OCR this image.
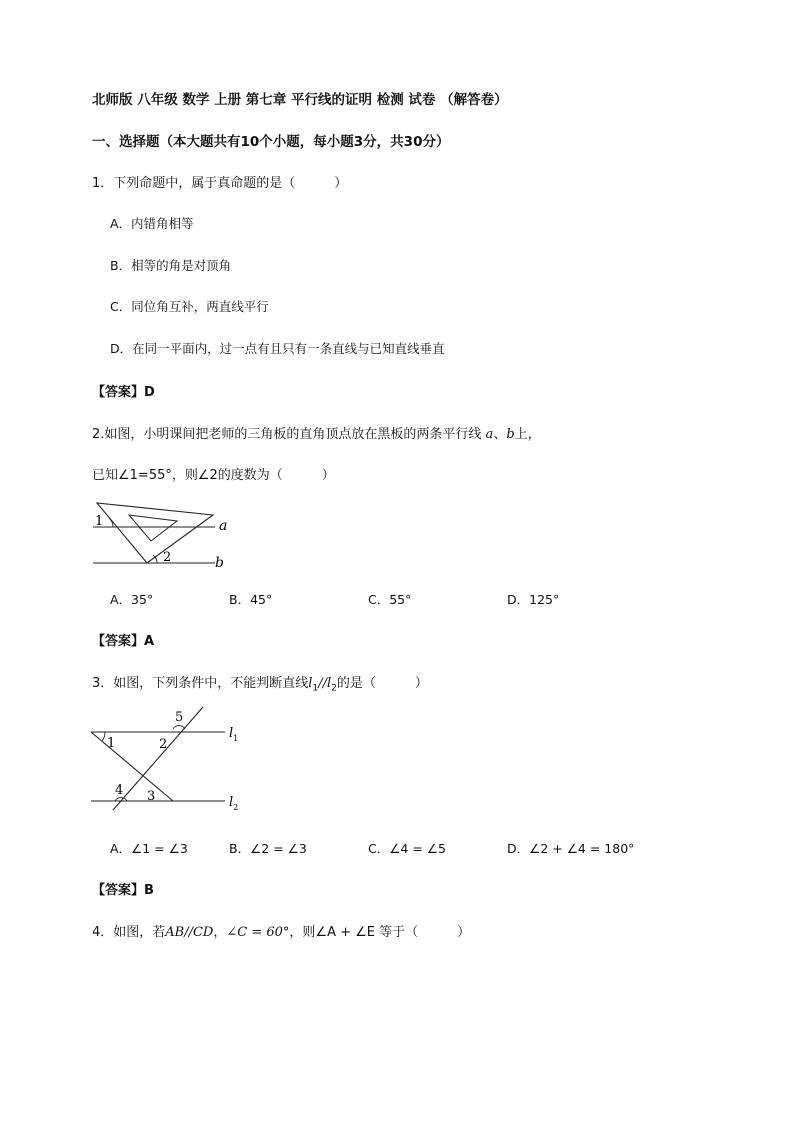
北师版 八年级 数学 上册 第七章 平行线的证明 检测 试卷 （解答卷）
一、选择题（本大题共有10个小题，每小题3分，共30分）
1．下列命题中，属于真命题的是（　　　）
A．内错角相等
B．相等的角是对顶角
C．同位角互补，两直线平行
D．在同一平面内，过一点有且只有一条直线与已知直线垂直
【答案】D
2.如图，小明课间把老师的三角板的直角顶点放在黑板的两条平行线 a、b上，
已知∠1=55°，则∠2的度数为（　　　）
1
2
a
b
A．35°	B．45°	C．55°	D．125°
【答案】A
3．如图，下列条件中，不能判断直线$l_1//l_2$的是（　　　）
1	2
3
4
5
$l_1$
$l_2$
A．∠1 = ∠3	B．∠2 = ∠3	C．∠4 = ∠5	D．∠2 + ∠4 = 180°
【答案】B
4．如图，若AB//CD，∠C = 60°，则∠A + ∠E 等于（　　　）
